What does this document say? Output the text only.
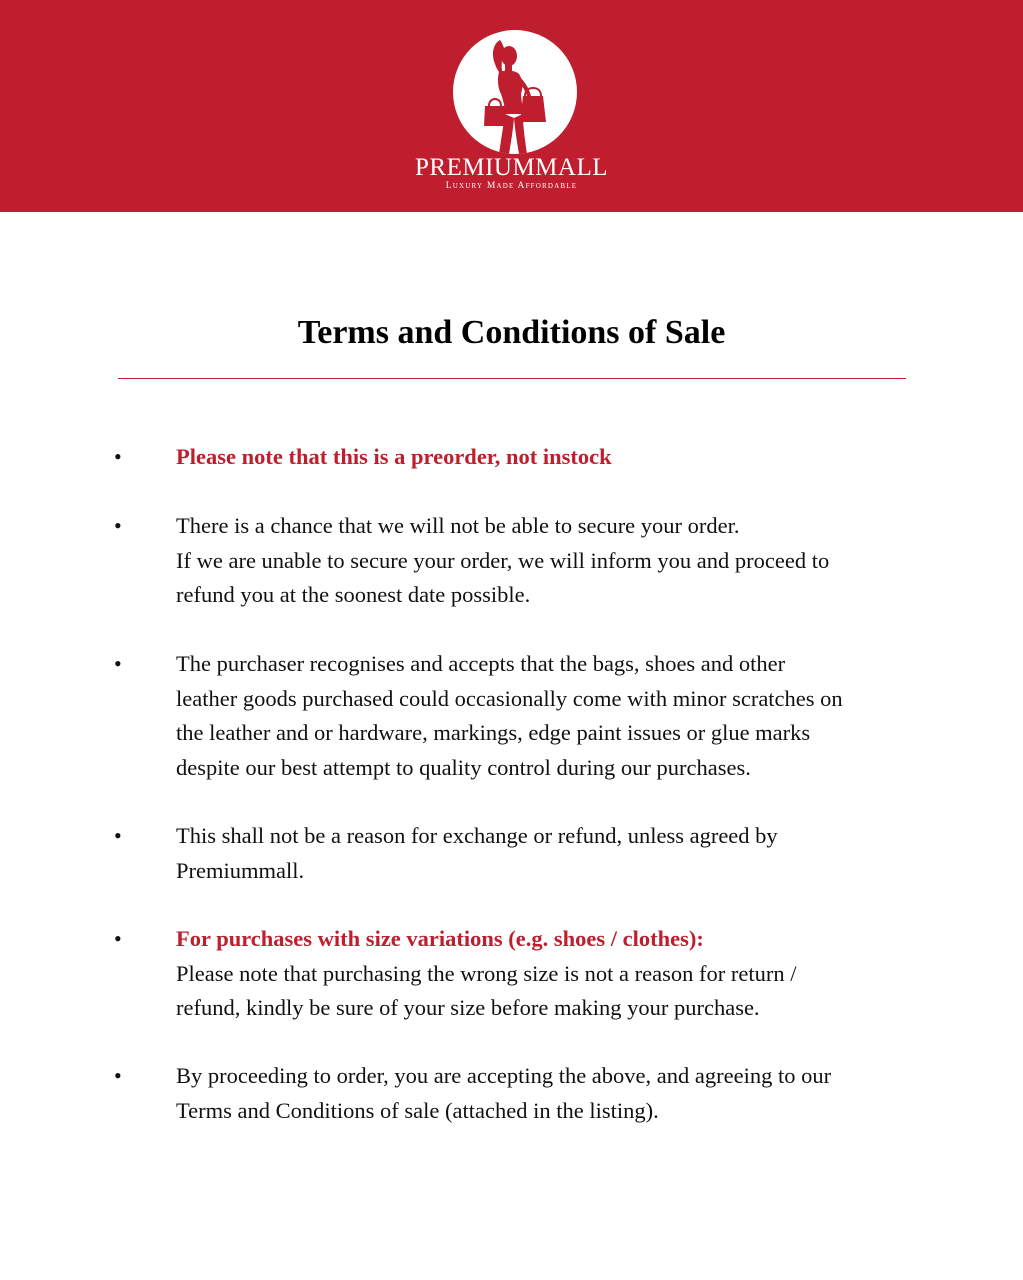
PREMIUMMALL
Luxury Made Affordable
Terms and Conditions of Sale
•	Please note that this is a preorder, not instock
•	There is a chance that we will not be able to secure your order.
If we are unable to secure your order, we will inform you and proceed to
refund you at the soonest date possible.
•	The purchaser recognises and accepts that the bags, shoes and other
leather goods purchased could occasionally come with minor scratches on
the leather and or hardware, markings, edge paint issues or glue marks
despite our best attempt to quality control during our purchases.
•	This shall not be a reason for exchange or refund, unless agreed by
Premiummall.
•	For purchases with size variations (e.g. shoes / clothes):
Please note that purchasing the wrong size is not a reason for return /
refund, kindly be sure of your size before making your purchase.
•	By proceeding to order, you are accepting the above, and agreeing to our
Terms and Conditions of sale (attached in the listing).
